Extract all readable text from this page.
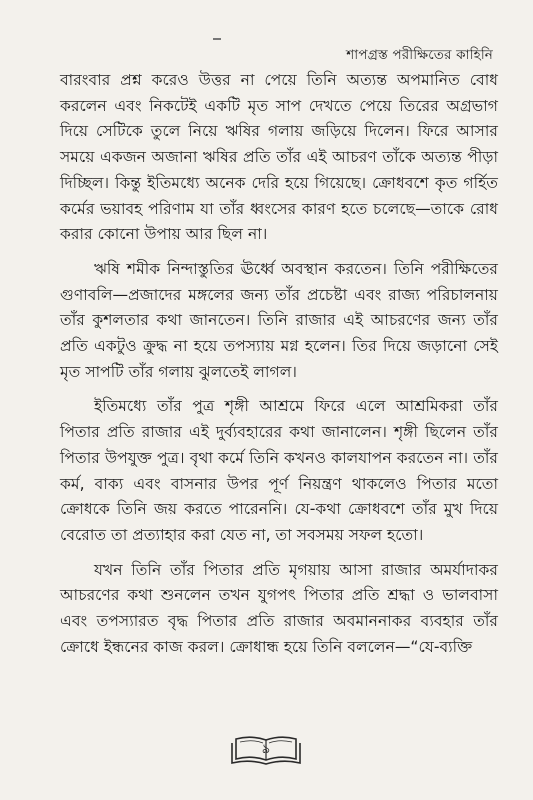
শাপগ্রস্ত পরীক্ষিতের কাহিনি

বারংবার প্রশ্ন করেও উত্তর না পেয়ে তিনি অত্যন্ত অপমানিত বোধ করলেন এবং নিকটেই একটি মৃত সাপ দেখতে পেয়ে তিরের অগ্রভাগ দিয়ে সেটিকে তুলে নিয়ে ঋষির গলায় জড়িয়ে দিলেন। ফিরে আসার সময়ে একজন অজানা ঋষির প্রতি তাঁর এই আচরণ তাঁকে অত্যন্ত পীড়া দিচ্ছিল। কিন্তু ইতিমধ্যে অনেক দেরি হয়ে গিয়েছে। ক্রোধবশে কৃত গর্হিত কর্মের ভয়াবহ পরিণাম যা তাঁর ধ্বংসের কারণ হতে চলেছে—তাকে রোধ করার কোনো উপায় আর ছিল না।

ঋষি শমীক নিন্দাস্তুতির ঊর্ধ্বে অবস্থান করতেন। তিনি পরীক্ষিতের গুণাবলি—প্রজাদের মঙ্গলের জন্য তাঁর প্রচেষ্টা এবং রাজ্য পরিচালনায় তাঁর কুশলতার কথা জানতেন। তিনি রাজার এই আচরণের জন্য তাঁর প্রতি একটুও ক্রুদ্ধ না হয়ে তপস্যায় মগ্ন হলেন। তির দিয়ে জড়ানো সেই মৃত সাপটি তাঁর গলায় ঝুলতেই লাগল।

ইতিমধ্যে তাঁর পুত্র শৃঙ্গী আশ্রমে ফিরে এলে আশ্রমিকরা তাঁর পিতার প্রতি রাজার এই দুর্ব্যবহারের কথা জানালেন। শৃঙ্গী ছিলেন তাঁর পিতার উপযুক্ত পুত্র। বৃথা কর্মে তিনি কখনও কালযাপন করতেন না। তাঁর কর্ম, বাক্য এবং বাসনার উপর পূর্ণ নিয়ন্ত্রণ থাকলেও পিতার মতো ক্রোধকে তিনি জয় করতে পারেননি। যে-কথা ক্রোধবশে তাঁর মুখ দিয়ে বেরোত তা প্রত্যাহার করা যেত না, তা সবসময় সফল হতো।

যখন তিনি তাঁর পিতার প্রতি মৃগয়ায় আসা রাজার অমর্যাদাকর আচরণের কথা শুনলেন তখন যুগপৎ পিতার প্রতি শ্রদ্ধা ও ভালবাসা এবং তপস্যারত বৃদ্ধ পিতার প্রতি রাজার অবমাননাকর ব্যবহার তাঁর ক্রোধে ইন্ধনের কাজ করল। ক্রোধান্ধ হয়ে তিনি বললেন—“যে-ব্যক্তি

৯
